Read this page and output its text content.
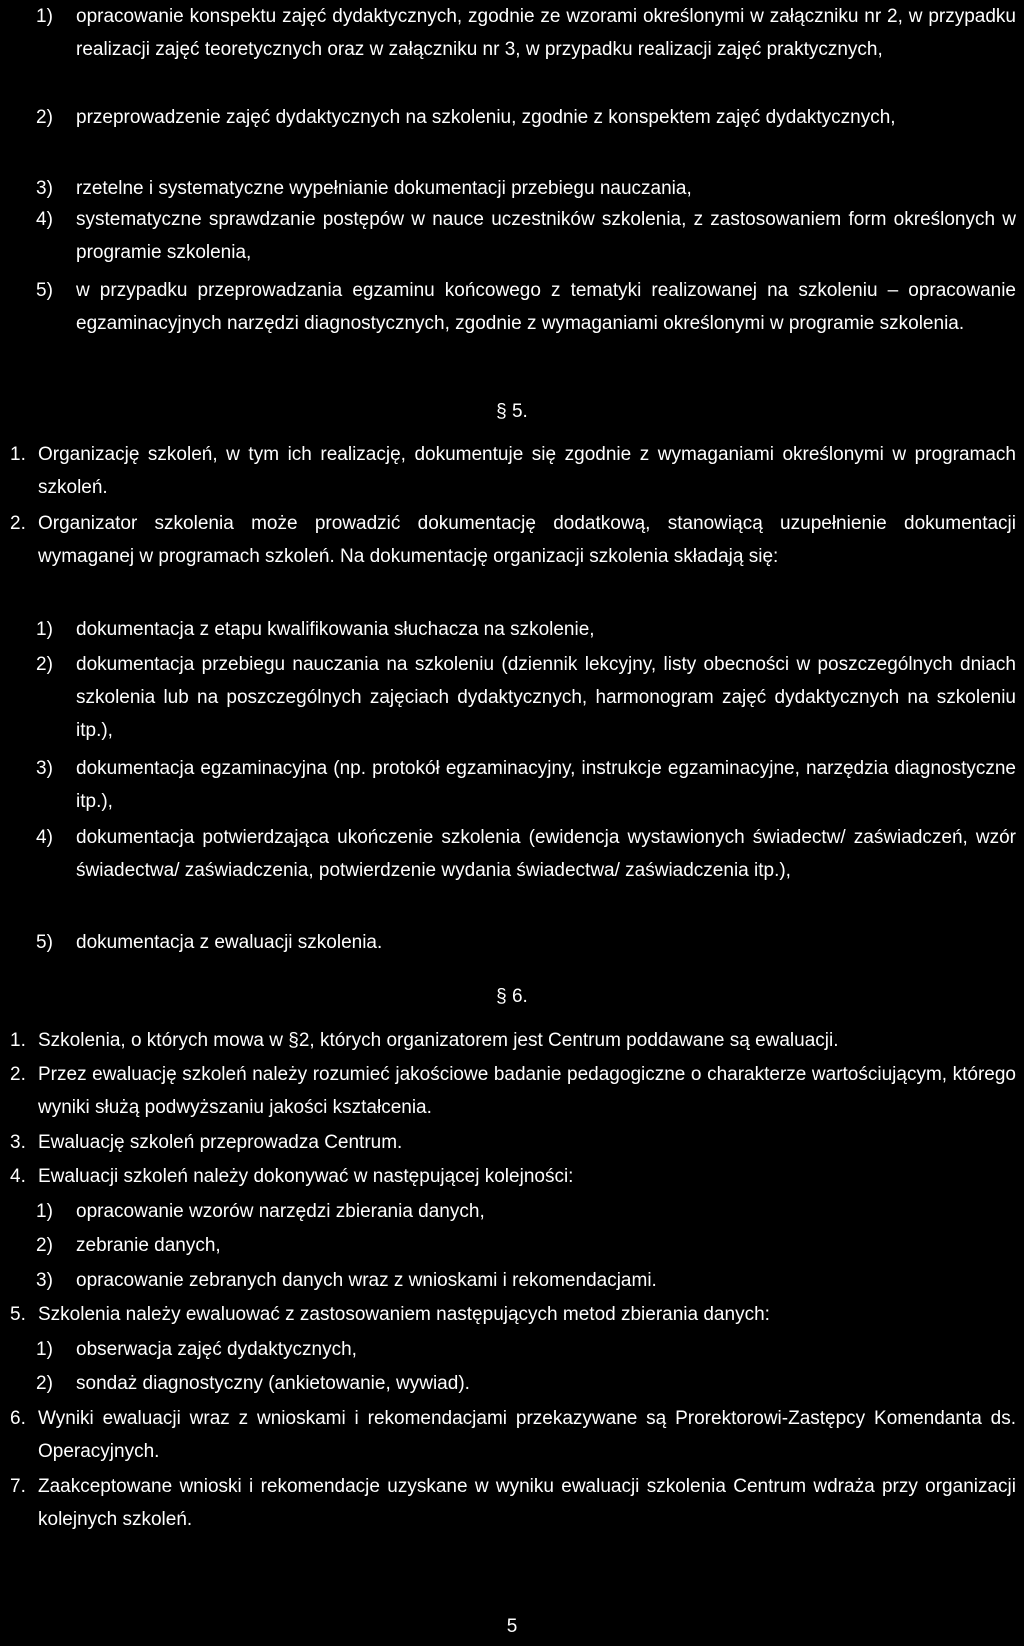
1) opracowanie konspektu zajęć dydaktycznych, zgodnie ze wzorami określonymi w załączniku nr 2, w przypadku realizacji zajęć teoretycznych oraz w załączniku nr 3, w przypadku realizacji zajęć praktycznych,
2) przeprowadzenie zajęć dydaktycznych na szkoleniu, zgodnie z konspektem zajęć dydaktycznych,
3) rzetelne i systematyczne wypełnianie dokumentacji przebiegu nauczania,
4) systematyczne sprawdzanie postępów w nauce uczestników szkolenia, z zastosowaniem form określonych w programie szkolenia,
5) w przypadku przeprowadzania egzaminu końcowego z tematyki realizowanej na szkoleniu – opracowanie egzaminacyjnych narzędzi diagnostycznych, zgodnie z wymaganiami określonymi w programie szkolenia.
§ 5.
1. Organizację szkoleń, w tym ich realizację, dokumentuje się zgodnie z wymaganiami określonymi w programach szkoleń.
2. Organizator szkolenia może prowadzić dokumentację dodatkową, stanowiącą uzupełnienie dokumentacji wymaganej w programach szkoleń. Na dokumentację organizacji szkolenia składają się:
1) dokumentacja z etapu kwalifikowania słuchacza na szkolenie,
2) dokumentacja przebiegu nauczania na szkoleniu (dziennik lekcyjny, listy obecności w poszczególnych dniach szkolenia lub na poszczególnych zajęciach dydaktycznych, harmonogram zajęć dydaktycznych na szkoleniu itp.),
3) dokumentacja egzaminacyjna (np. protokół egzaminacyjny, instrukcje egzaminacyjne, narzędzia diagnostyczne itp.),
4) dokumentacja potwierdzająca ukończenie szkolenia (ewidencja wystawionych świadectw/ zaświadczeń, wzór świadectwa/ zaświadczenia, potwierdzenie wydania świadectwa/ zaświadczenia itp.),
5) dokumentacja z ewaluacji szkolenia.
§ 6.
1. Szkolenia, o których mowa w §2, których organizatorem jest Centrum poddawane są ewaluacji.
2. Przez ewaluację szkoleń należy rozumieć jakościowe badanie pedagogiczne o charakterze wartościującym, którego wyniki służą podwyższaniu jakości kształcenia.
3. Ewaluację szkoleń przeprowadza Centrum.
4. Ewaluacji szkoleń należy dokonywać w następującej kolejności:
1) opracowanie wzorów narzędzi zbierania danych,
2) zebranie danych,
3) opracowanie zebranych danych wraz z wnioskami i rekomendacjami.
5. Szkolenia należy ewaluować z zastosowaniem następujących metod zbierania danych:
1) obserwacja zajęć dydaktycznych,
2) sondaż diagnostyczny (ankietowanie, wywiad).
6. Wyniki ewaluacji wraz z wnioskami i rekomendacjami przekazywane są Prorektorowi-Zastępcy Komendanta ds. Operacyjnych.
7. Zaakceptowane wnioski i rekomendacje uzyskane w wyniku ewaluacji szkolenia Centrum wdraża przy organizacji kolejnych szkoleń.
5
